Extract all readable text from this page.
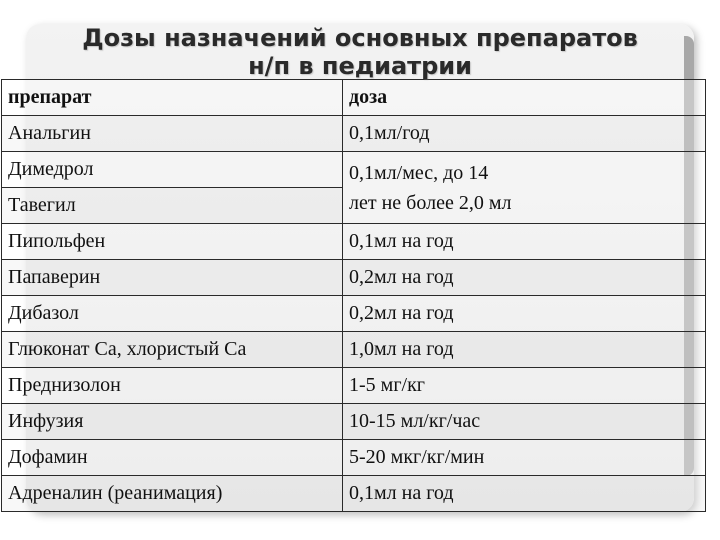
Дозы назначений основных препаратов
н/п в педиатрии
препарат	доза
Анальгин	0,1мл/год
Димедрол	0,1мл/мес, до 14
лет не более 2,0 мл

Тавегил	
Пипольфен	0,1мл на год
Папаверин	0,2мл на год
Дибазол	0,2мл на год
Глюконат Са, хлористый Са	1,0мл на год
Преднизолон	1-5 мг/кг
Инфузия	10-15 мл/кг/час
Дофамин	5-20 мкг/кг/мин
Адреналин (реанимация)	0,1мл на год
